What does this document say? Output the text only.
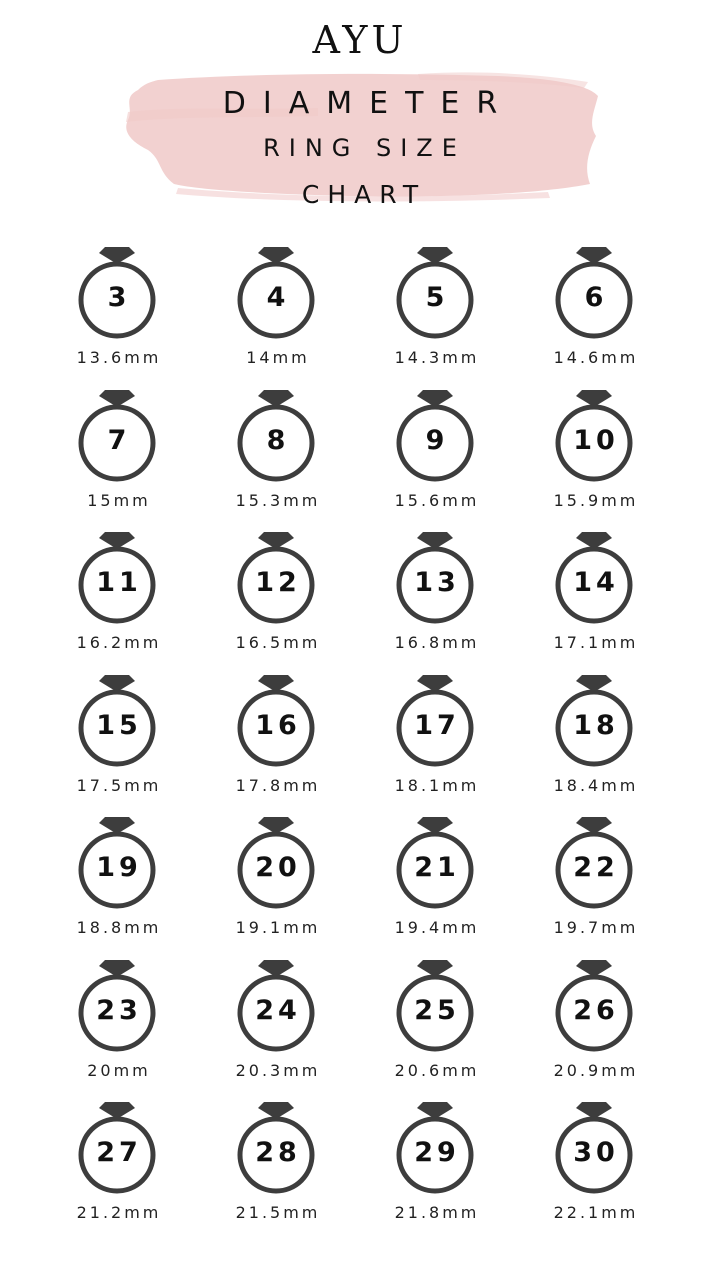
AYU
DIAMETER
RING SIZE
CHART
3
13.6mm
4
14mm
5
14.3mm
6
14.6mm
7
15mm
8
15.3mm
9
15.6mm
10
15.9mm
11
16.2mm
12
16.5mm
13
16.8mm
14
17.1mm
15
17.5mm
16
17.8mm
17
18.1mm
18
18.4mm
19
18.8mm
20
19.1mm
21
19.4mm
22
19.7mm
23
20mm
24
20.3mm
25
20.6mm
26
20.9mm
27
21.2mm
28
21.5mm
29
21.8mm
30
22.1mm
